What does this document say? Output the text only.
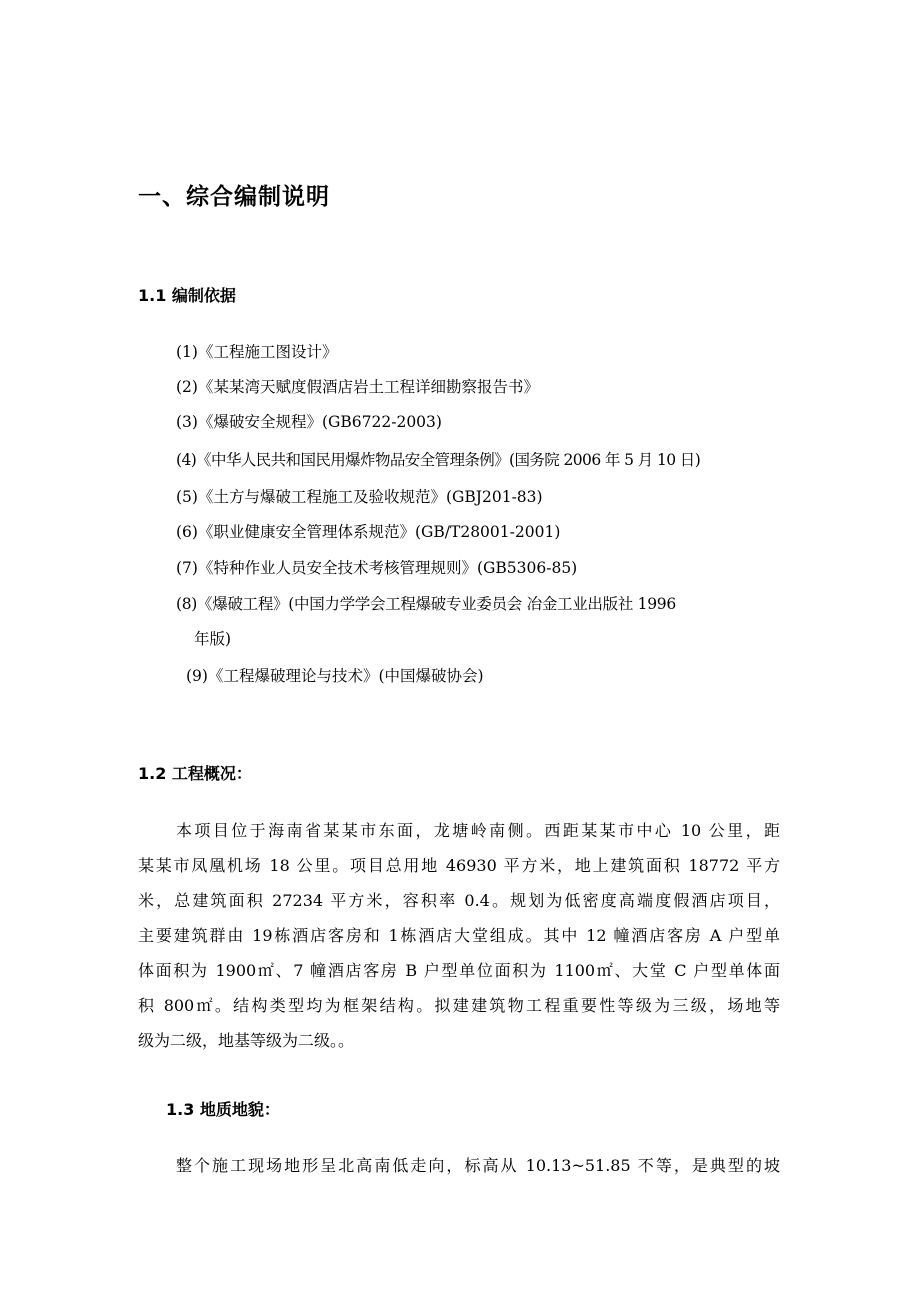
一、综合编制说明
1.1 编制依据
(1)《工程施工图设计》
(2)《某某湾天赋度假酒店岩土工程详细勘察报告书》
(3)《爆破安全规程》(GB6722-2003)
(4)《中华人民共和国民用爆炸物品安全管理条例》(国务院 2006 年 5 月 10 日)
(5)《土方与爆破工程施工及验收规范》(GBJ201-83)
(6)《职业健康安全管理体系规范》(GB/T28001-2001)
(7)《特种作业人员安全技术考核管理规则》(GB5306-85)
(8)《爆破工程》(中国力学学会工程爆破专业委员会 冶金工业出版社 1996
年版)
(9)《工程爆破理论与技术》(中国爆破协会)
1.2 工程概况：
本项目位于海南省某某市东面，龙塘岭南侧。西距某某市中心 10 公里，距
某某市凤凰机场 18 公里。项目总用地 46930 平方米，地上建筑面积 18772 平方
米，总建筑面积 27234 平方米，容积率 0.4。规划为低密度高端度假酒店项目，
主要建筑群由 19栋酒店客房和 1栋酒店大堂组成。其中 12 幢酒店客房 A 户型单
体面积为 1900㎡、7 幢酒店客房 B 户型单位面积为 1100㎡、大堂 C 户型单体面
积 800㎡。结构类型均为框架结构。拟建建筑物工程重要性等级为三级，场地等
级为二级，地基等级为二级。。
1.3 地质地貌：
整个施工现场地形呈北高南低走向，标高从 10.13~51.85 不等，是典型的坡
